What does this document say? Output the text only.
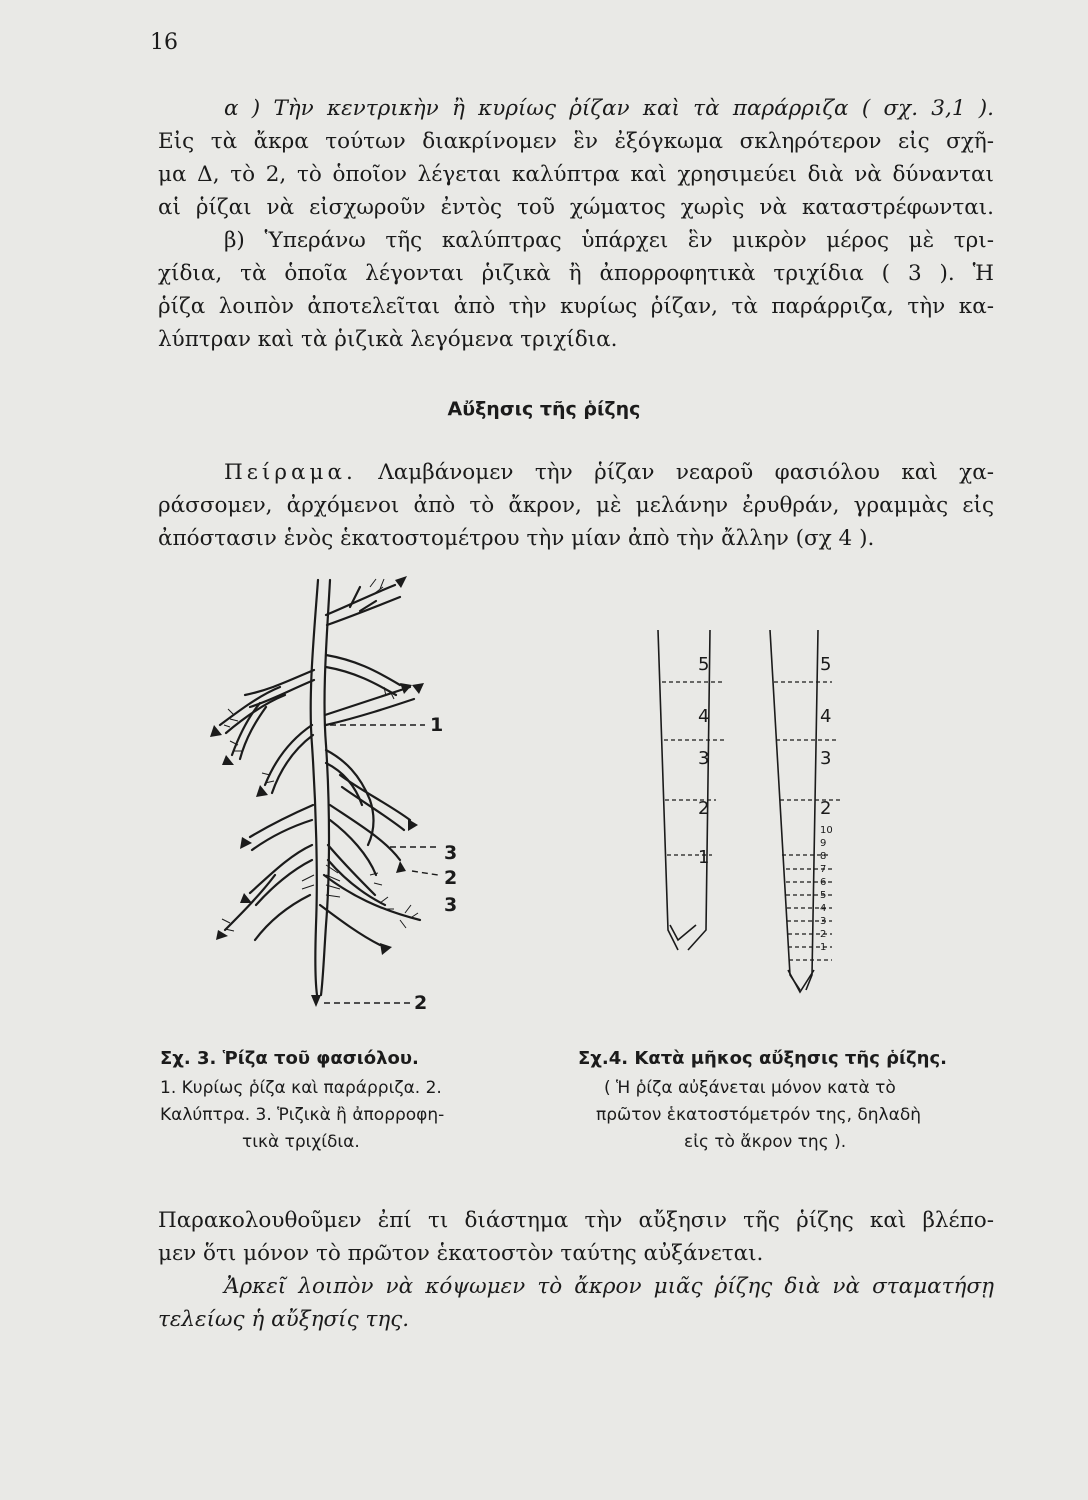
16
α ) Τὴν κεντρικὴν ἢ κυρίως ῥίζαν καὶ τὰ παράρριζα ( σχ. 3,1 ).
Εἰς τὰ ἄκρα τούτων διακρίνομεν ἓν ἐξόγκωμα σκληρότερον εἰς σχῆ-
μα Δ, τὸ 2, τὸ ὁποῖον λέγεται καλύπτρα καὶ χρησιμεύει διὰ νὰ δύνανται
αἱ ῥίζαι νὰ εἰσχωροῦν ἐντὸς τοῦ χώματος χωρὶς νὰ καταστρέφωνται.
β) Ὑπεράνω τῆς καλύπτρας ὑπάρχει ἓν μικρὸν μέρος μὲ τρι-
χίδια, τὰ ὁποῖα λέγονται ῥιζικὰ ἢ ἀπορροφητικὰ τριχίδια ( 3 ). Ἡ
ῥίζα λοιπὸν ἀποτελεῖται ἀπὸ τὴν κυρίως ῥίζαν, τὰ παράρριζα, τὴν κα-
λύπτραν καὶ τὰ ῥιζικὰ λεγόμενα τριχίδια.
Αὔξησις τῆς ῥίζης
Πείραμα. Λαμβάνομεν τὴν ῥίζαν νεαροῦ φασιόλου καὶ χα-
ράσσομεν, ἀρχόμενοι ἀπὸ τὸ ἄκρον, μὲ μελάνην ἐρυθράν, γραμμὰς εἰς
ἀπόστασιν ἑνὸς ἑκατοστομέτρου τὴν μίαν ἀπὸ τὴν ἄλλην (σχ 4 ).
1
3
2
3
2
5
4
3
2
1
5
4
3
2
10
9
8
7
6
5
4
3
2
1
Σχ. 3. Ῥίζα τοῦ φασιόλου.
1. Κυρίως ῥίζα καὶ παράρριζα. 2.
Καλύπτρα. 3. Ῥιζικὰ ἢ ἀπορροφη-
τικὰ τριχίδια.
Σχ.4. Κατὰ μῆκος αὔξησις τῆς ῥίζης.
( Ἡ ῥίζα αὐξάνεται μόνον κατὰ τὸ
πρῶτον ἑκατοστόμετρόν της, δηλαδὴ
εἰς τὸ ἄκρον της ).
Παρακολουθοῦμεν ἐπί τι διάστημα τὴν αὔξησιν τῆς ῥίζης καὶ βλέπο-
μεν ὅτι μόνον τὸ πρῶτον ἑκατοστὸν ταύτης αὐξάνεται.
Ἀρκεῖ λοιπὸν νὰ κόψωμεν τὸ ἄκρον μιᾶς ῥίζης διὰ νὰ σταματήσῃ
τελείως ἡ αὔξησίς της.
